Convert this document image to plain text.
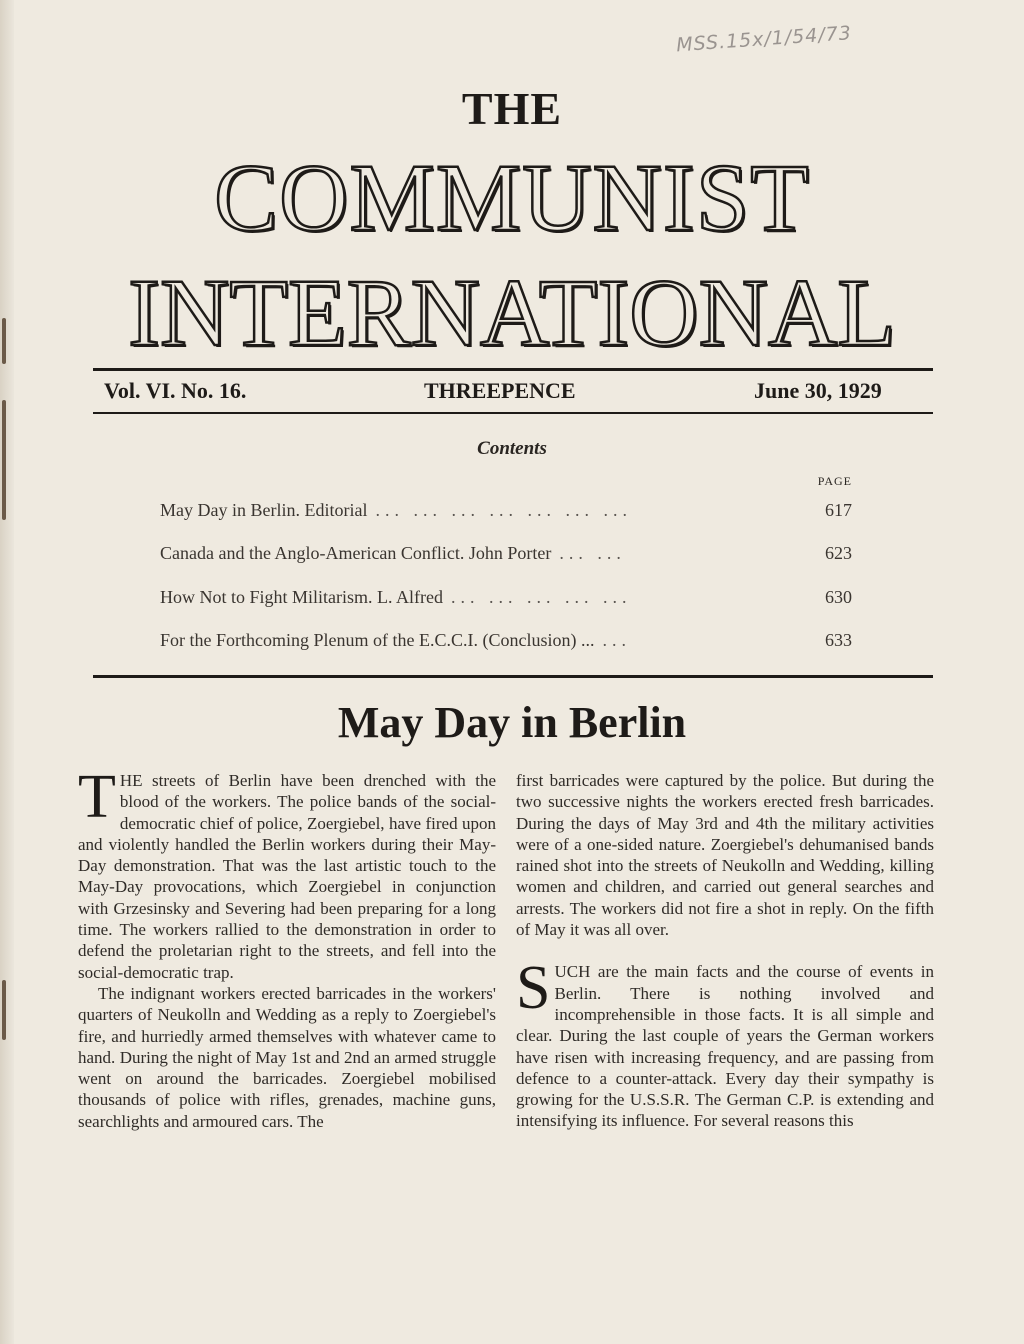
MSS.15x/1/54/73
THE
COMMUNIST
INTERNATIONAL
Vol. VI. No. 16.	THREEPENCE	June 30, 1929
Contents
PAGE
May Day in Berlin. Editorial ... ... ... ... ... ... ...	617
Canada and the Anglo-American Conflict. John Porter ... ...	623
How Not to Fight Militarism. L. Alfred ... ... ... ... ...	630
For the Forthcoming Plenum of the E.C.C.I. (Conclusion) ... ...	633
May Day in Berlin

THE streets of Berlin have been drenched with the blood of the workers. The police bands of the social-democratic chief of police, Zoergiebel, have fired upon and violently handled the Berlin workers during their May-Day demonstration. That was the last artistic touch to the May-Day provocations, which Zoergiebel in conjunction with Grzesinsky and Severing had been preparing for a long time. The workers rallied to the demonstration in order to defend the proletarian right to the streets, and fell into the social-democratic trap.

The indignant workers erected barricades in the workers' quarters of Neukolln and Wedding as a reply to Zoergiebel's fire, and hurriedly armed themselves with whatever came to hand. During the night of May 1st and 2nd an armed struggle went on around the barricades. Zoergiebel mobilised thousands of police with rifles, grenades, machine guns, searchlights and armoured cars. The

first barricades were captured by the police. But during the two successive nights the workers erected fresh barricades. During the days of May 3rd and 4th the military activities were of a one-sided nature. Zoergiebel's dehumanised bands rained shot into the streets of Neukolln and Wedding, killing women and children, and carried out general searches and arrests. The workers did not fire a shot in reply. On the fifth of May it was all over.

SUCH are the main facts and the course of events in Berlin. There is nothing involved and incomprehensible in those facts. It is all simple and clear. During the last couple of years the German workers have risen with increasing frequency, and are passing from defence to a counter-attack. Every day their sympathy is growing for the U.S.S.R. The German C.P. is extending and intensifying its influence. For several reasons this
